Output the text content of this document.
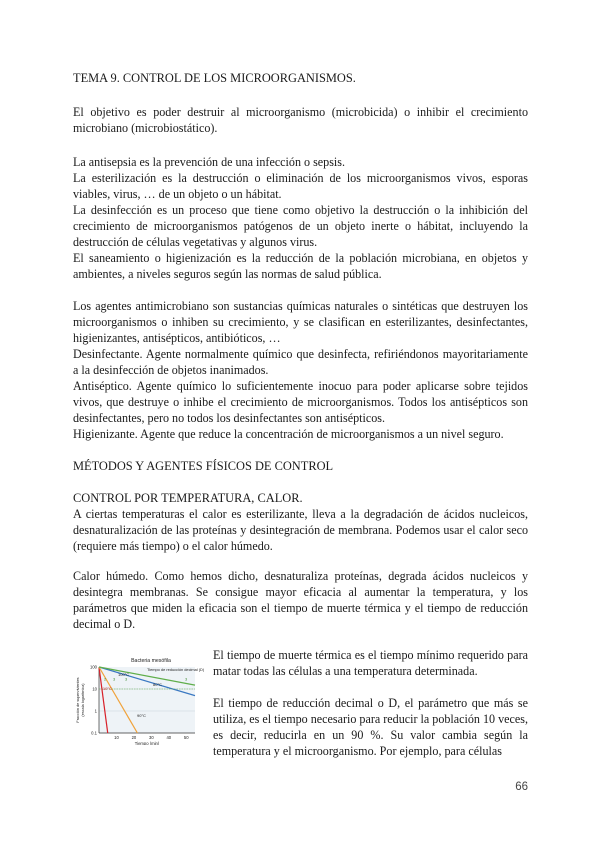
TEMA 9. CONTROL DE LOS MICROORGANISMOS.

El objetivo es poder destruir al microorganismo (microbicida) o inhibir el crecimiento microbiano (microbiostático).

La antisepsia es la prevención de una infección o sepsis.

La esterilización es la destrucción o eliminación de los microorganismos vivos, esporas viables, virus, … de un objeto o un hábitat.

La desinfección es un proceso que tiene como objetivo la destrucción o la inhibición del crecimiento de microorganismos patógenos de un objeto inerte o hábitat, incluyendo la destrucción de células vegetativas y algunos virus.

El saneamiento o higienización es la reducción de la población microbiana, en objetos y ambientes, a niveles seguros según las normas de salud pública.

Los agentes antimicrobiano son sustancias químicas naturales o sintéticas que destruyen los microorganismos o inhiben su crecimiento, y se clasifican en esterilizantes, desinfectantes, higienizantes, antisépticos, antibióticos, …

Desinfectante. Agente normalmente químico que desinfecta, refiriéndonos mayoritariamente a la desinfección de objetos inanimados.

Antiséptico. Agente químico lo suficientemente inocuo para poder aplicarse sobre tejidos vivos, que destruye o inhibe el crecimiento de microorganismos. Todos los antisépticos son desinfectantes, pero no todos los desinfectantes son antisépticos.

Higienizante. Agente que reduce la concentración de microorganismos a un nivel seguro.

MÉTODOS Y AGENTES FÍSICOS DE CONTROL

CONTROL POR TEMPERATURA, CALOR.

A ciertas temperaturas el calor es esterilizante, lleva a la degradación de ácidos nucleicos, desnaturalización de las proteínas y desintegración de membrana. Podemos usar el calor seco (requiere más tiempo) o el calor húmedo.

Calor húmedo. Como hemos dicho, desnaturaliza proteínas, degrada ácidos nucleicos y desintegra membranas. Se consigue mayor eficacia al aumentar la temperatura, y los parámetros que miden la eficacia son el tiempo de muerte térmica y el tiempo de reducción decimal o D.

Bacteria mesófila
100
10
1
0.1
10	20	30	40	50
Tiempo (min)
Fracción de supervivientes (escala logarítmica)
Tiempo de reducción decimal (D)
2 3 3	3
110°C
100°C
90°C
80°C

El tiempo de muerte térmica es el tiempo mínimo requerido para matar todas las células a una temperatura determinada.

El tiempo de reducción decimal o D, el parámetro que más se utiliza, es el tiempo necesario para reducir la población 10 veces, es decir, reducirla en un 90 %. Su valor cambia según la temperatura y el microorganismo. Por ejemplo, para células

66
